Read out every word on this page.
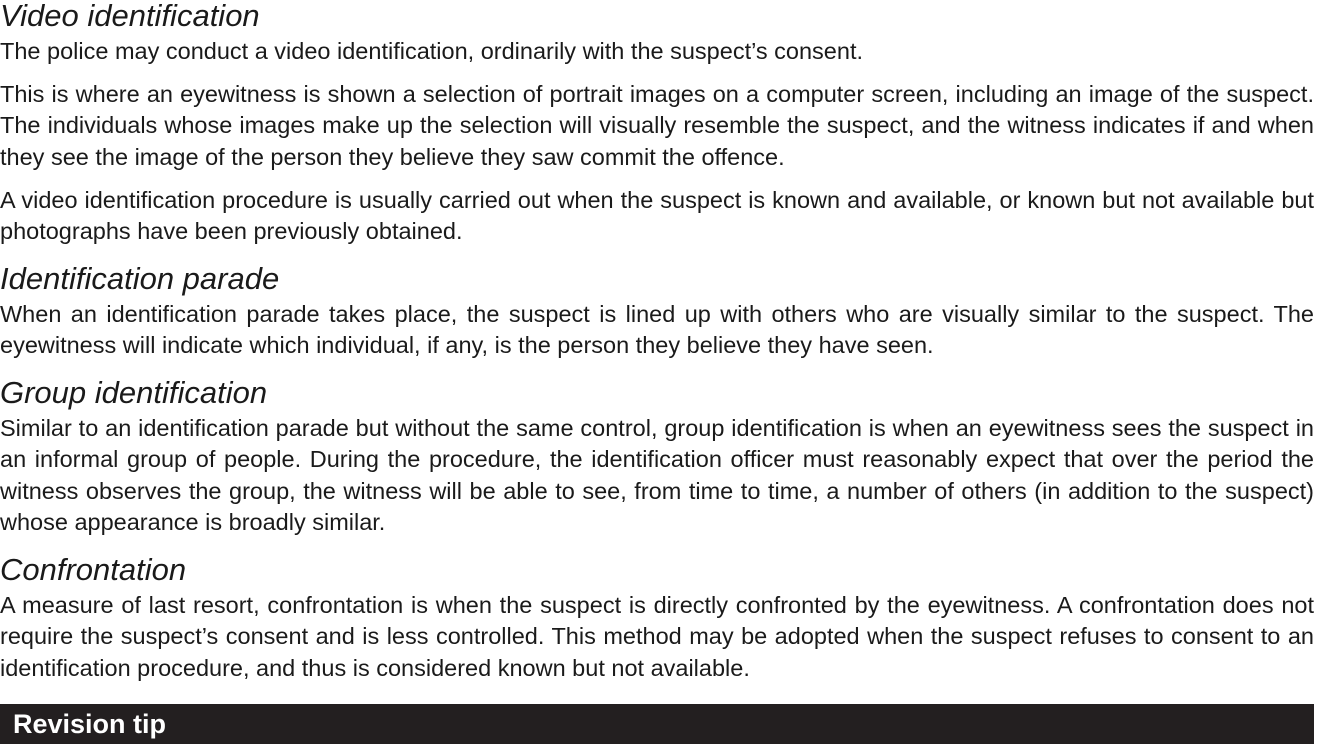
Video identification

The police may conduct a video identification, ordinarily with the suspect’s consent.

This is where an eyewitness is shown a selection of portrait images on a computer screen, including an image of the suspect. The individuals whose images make up the selection will visually resemble the suspect, and the witness indicates if and when they see the image of the person they believe they saw commit the offence.

A video identification procedure is usually carried out when the suspect is known and available, or known but not available but photographs have been previously obtained.

Identification parade

When an identification parade takes place, the suspect is lined up with others who are visually similar to the suspect. The eyewitness will indicate which individual, if any, is the person they believe they have seen.

Group identification

Similar to an identification parade but without the same control, group identification is when an eyewitness sees the suspect in an informal group of people. During the procedure, the identification officer must reasonably expect that over the period the witness observes the group, the witness will be able to see, from time to time, a number of others (in addition to the suspect) whose appearance is broadly similar.

Confrontation

A measure of last resort, confrontation is when the suspect is directly confronted by the eyewitness. A confrontation does not require the suspect’s consent and is less controlled. This method may be adopted when the suspect refuses to consent to an identification procedure, and thus is considered known but not available.

Revision tip
